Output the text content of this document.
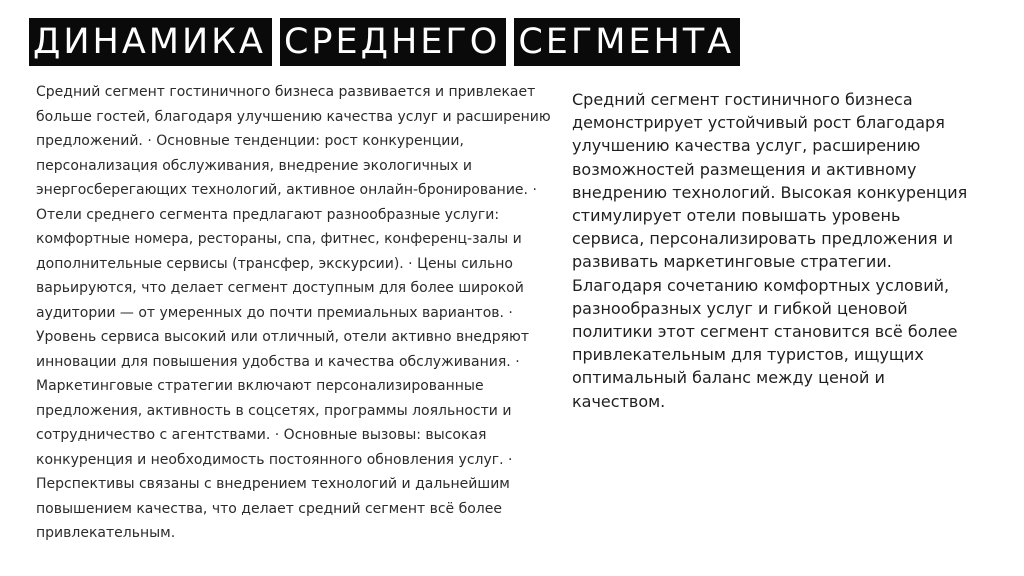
ДИНАМИКА СРЕДНЕГО СЕГМЕНТА

Средний сегмент гостиничного бизнеса развивается и привлекает больше гостей, благодаря улучшению качества услуг и расширению предложений. · Основные тенденции: рост конкуренции, персонализация обслуживания, внедрение экологичных и энергосберегающих технологий, активное онлайн-бронирование. · Отели среднего сегмента предлагают разнообразные услуги: комфортные номера, рестораны, спа, фитнес, конференц-залы и дополнительные сервисы (трансфер, экскурсии). · Цены сильно варьируются, что делает сегмент доступным для более широкой аудитории — от умеренных до почти премиальных вариантов. · Уровень сервиса высокий или отличный, отели активно внедряют инновации для повышения удобства и качества обслуживания. · Маркетинговые стратегии включают персонализированные предложения, активность в соцсетях, программы лояльности и сотрудничество с агентствами. · Основные вызовы: высокая конкуренция и необходимость постоянного обновления услуг. · Перспективы связаны с внедрением технологий и дальнейшим повышением качества, что делает средний сегмент всё более привлекательным.

Средний сегмент гостиничного бизнеса демонстрирует устойчивый рост благодаря улучшению качества услуг, расширению возможностей размещения и активному внедрению технологий. Высокая конкуренция стимулирует отели повышать уровень сервиса, персонализировать предложения и развивать маркетинговые стратегии. Благодаря сочетанию комфортных условий, разнообразных услуг и гибкой ценовой политики этот сегмент становится всё более привлекательным для туристов, ищущих оптимальный баланс между ценой и качеством.
